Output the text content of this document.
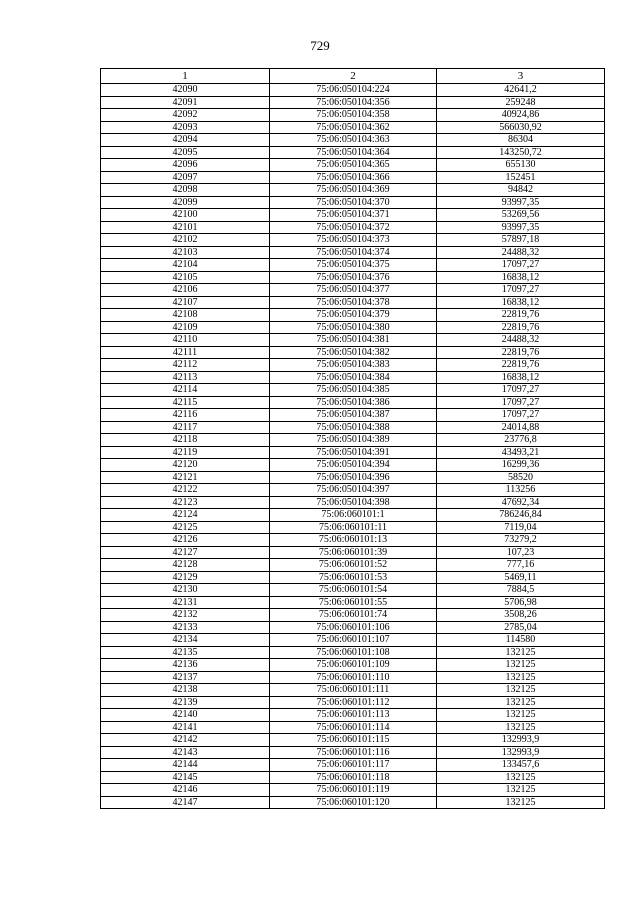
729
1	2	3
42090	75:06:050104:224	42641,2
42091	75:06:050104:356	259248
42092	75:06:050104:358	40924,86
42093	75:06:050104:362	566030,92
42094	75:06:050104:363	86304
42095	75:06:050104:364	143250,72
42096	75:06:050104:365	655130
42097	75:06:050104:366	152451
42098	75:06:050104:369	94842
42099	75:06:050104:370	93997,35
42100	75:06:050104:371	53269,56
42101	75:06:050104:372	93997,35
42102	75:06:050104:373	57897,18
42103	75:06:050104:374	24488,32
42104	75:06:050104:375	17097,27
42105	75:06:050104:376	16838,12
42106	75:06:050104:377	17097,27
42107	75:06:050104:378	16838,12
42108	75:06:050104:379	22819,76
42109	75:06:050104:380	22819,76
42110	75:06:050104:381	24488,32
42111	75:06:050104:382	22819,76
42112	75:06:050104:383	22819,76
42113	75:06:050104:384	16838,12
42114	75:06:050104:385	17097,27
42115	75:06:050104:386	17097,27
42116	75:06:050104:387	17097,27
42117	75:06:050104:388	24014,88
42118	75:06:050104:389	23776,8
42119	75:06:050104:391	43493,21
42120	75:06:050104:394	16299,36
42121	75:06:050104:396	58520
42122	75:06:050104:397	113256
42123	75:06:050104:398	47692,34
42124	75:06:060101:1	786246,84
42125	75:06:060101:11	7119,04
42126	75:06:060101:13	73279,2
42127	75:06:060101:39	107,23
42128	75:06:060101:52	777,16
42129	75:06:060101:53	5469,11
42130	75:06:060101:54	7884,5
42131	75:06:060101:55	5706,98
42132	75:06:060101:74	3508,26
42133	75:06:060101:106	2785,04
42134	75:06:060101:107	114580
42135	75:06:060101:108	132125
42136	75:06:060101:109	132125
42137	75:06:060101:110	132125
42138	75:06:060101:111	132125
42139	75:06:060101:112	132125
42140	75:06:060101:113	132125
42141	75:06:060101:114	132125
42142	75:06:060101:115	132993,9
42143	75:06:060101:116	132993,9
42144	75:06:060101:117	133457,6
42145	75:06:060101:118	132125
42146	75:06:060101:119	132125
42147	75:06:060101:120	132125
